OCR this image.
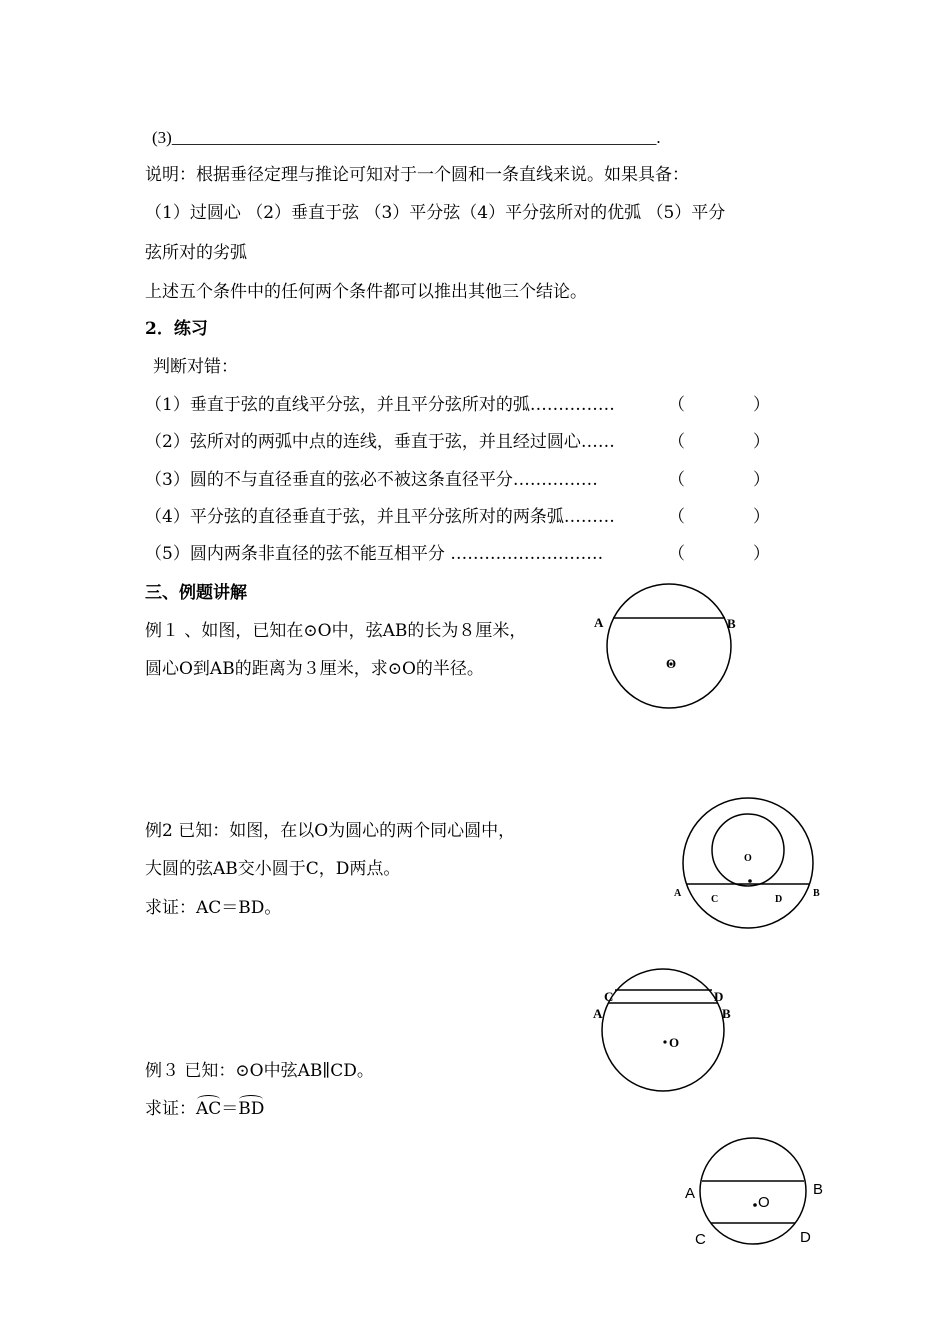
(3)_________________________________________________________.
说明：根据垂径定理与推论可知对于一个圆和一条直线来说。如果具备：
（1）过圆心 （2）垂直于弦 （3）平分弦（4）平分弦所对的优弧 （5）平分
弦所对的劣弧
上述五个条件中的任何两个条件都可以推出其他三个结论。
2．练习
判断对错：
（1）垂直于弦的直线平分弦，并且平分弦所对的弧……………	（　　　　）
（2）弦所对的两弧中点的连线，垂直于弦，并且经过圆心……	（　　　　）
（3）圆的不与直径垂直的弦必不被这条直径平分……………	（　　　　）
（4）平分弦的直径垂直于弦，并且平分弦所对的两条弧………	（　　　　）
（5）圆内两条非直径的弦不能互相平分 ………………………	（　　　　）
三、例题讲解
例１ 、如图，已知在⊙O中，弦AB的长为８厘米，
圆心O到AB的距离为３厘米，求⊙O的半径。
例2 已知：如图，在以O为圆心的两个同心圆中，
大圆的弦AB交小圆于C，D两点。
求证：AC＝BD。
例３ 已知：⊙O中弦AB∥CD。
求证：AC＝BD
A	B
O
O
A
C	D
B
C	D
A	B
O
A	B
O
C	D
